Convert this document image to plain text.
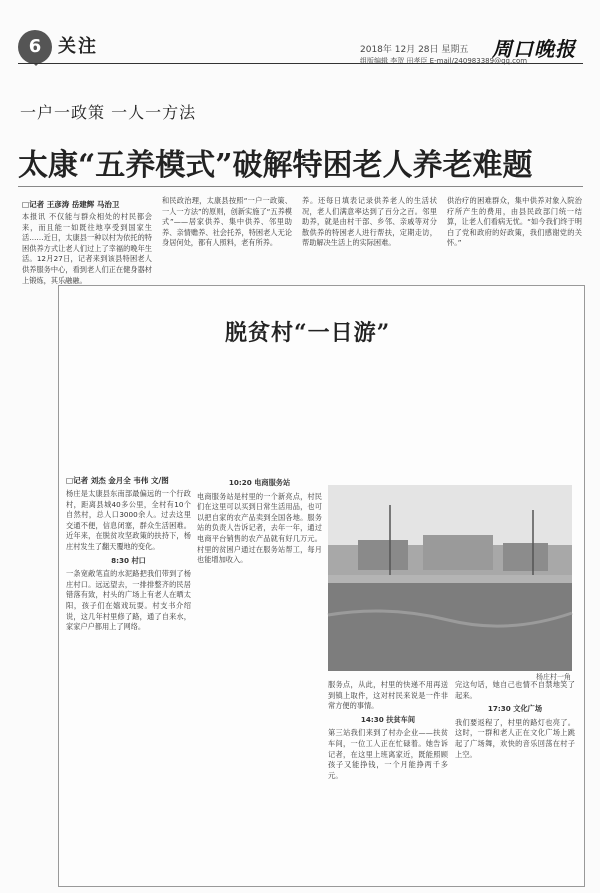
6 关注	2018年 12月 28日 星期五 周口晚报
组版编辑 李贺 田孝臣 E-mail/240983389@qq.com
一户一政策 一人一方法
太康“五养模式”破解特困老人养老难题
□记者 王彦涛 岳建辉 马治卫
本报讯 不仅能与群众相处的村民都会来，而且能一如既往地享受到国家生活……近日，太康县一种以村为依托的特困供养方式让老人们过上了幸福的晚年生活。12月27日，记者来到该县特困老人供养服务中心，看到老人们正在健身器材上锻炼，其乐融融。
和民政治理，太康县按照“一户一政策、一人一方法”的原则，创新实施了“五养模式”——居家供养、集中供养、邻里助养、亲情赡养、社会托养，特困老人无论身居何处，都有人照料，老有所养。
养。还每日填表记录供养老人的生活状况，老人们满意率达到了百分之百。邻里助养，就是由村干部、乡邻、亲戚等对分散供养的特困老人进行帮扶，定期走访，帮助解决生活上的实际困难。
供治疗的困难群众，集中供养对象入院治疗所产生的费用，由县民政部门统一结算，让老人们看病无忧。“如今我们终于明白了党和政府的好政策，我们感谢党的关怀。”
脱贫村“一日游”
□记者 刘杰 金月全 韦伟 文/图
杨庄是太康县东南部最偏远的一个行政村，距离县城40多公里，全村有10个自然村，总人口3000余人。过去这里交通不便，信息闭塞，群众生活困难。近年来，在脱贫攻坚政策的扶持下，杨庄村发生了翻天覆地的变化。
8:30 村口
一条宽敞笔直的水泥路把我们带到了杨庄村口。远远望去，一排排整齐的民居错落有致，村头的广场上有老人在晒太阳，孩子们在嬉戏玩耍。村支书介绍说，这几年村里修了路，通了自来水，家家户户都用上了网络。
10:20 电商服务站
电商服务站是村里的一个新亮点，村民们在这里可以买到日常生活用品，也可以把自家的农产品卖到全国各地。服务站的负责人告诉记者，去年一年，通过电商平台销售的农产品就有好几万元。村里的贫困户通过在服务站帮工，每月也能增加收入。
杨庄村一角
服务点，从此，村里的快递不用再送到镇上取件，这对村民来说是一件非常方便的事情。
14:30 扶贫车间
第三站我们来到了村办企业——扶贫车间，一位工人正在忙碌着。她告诉记者，在这里上班离家近，既能照顾孩子又能挣钱，一个月能挣两千多元。
完这句话，她自己也情不自禁地笑了起来。
17:30 文化广场
我们要返程了，村里的路灯也亮了。这时，一群和老人正在文化广场上跳起了广场舞，欢快的音乐回荡在村子上空。
